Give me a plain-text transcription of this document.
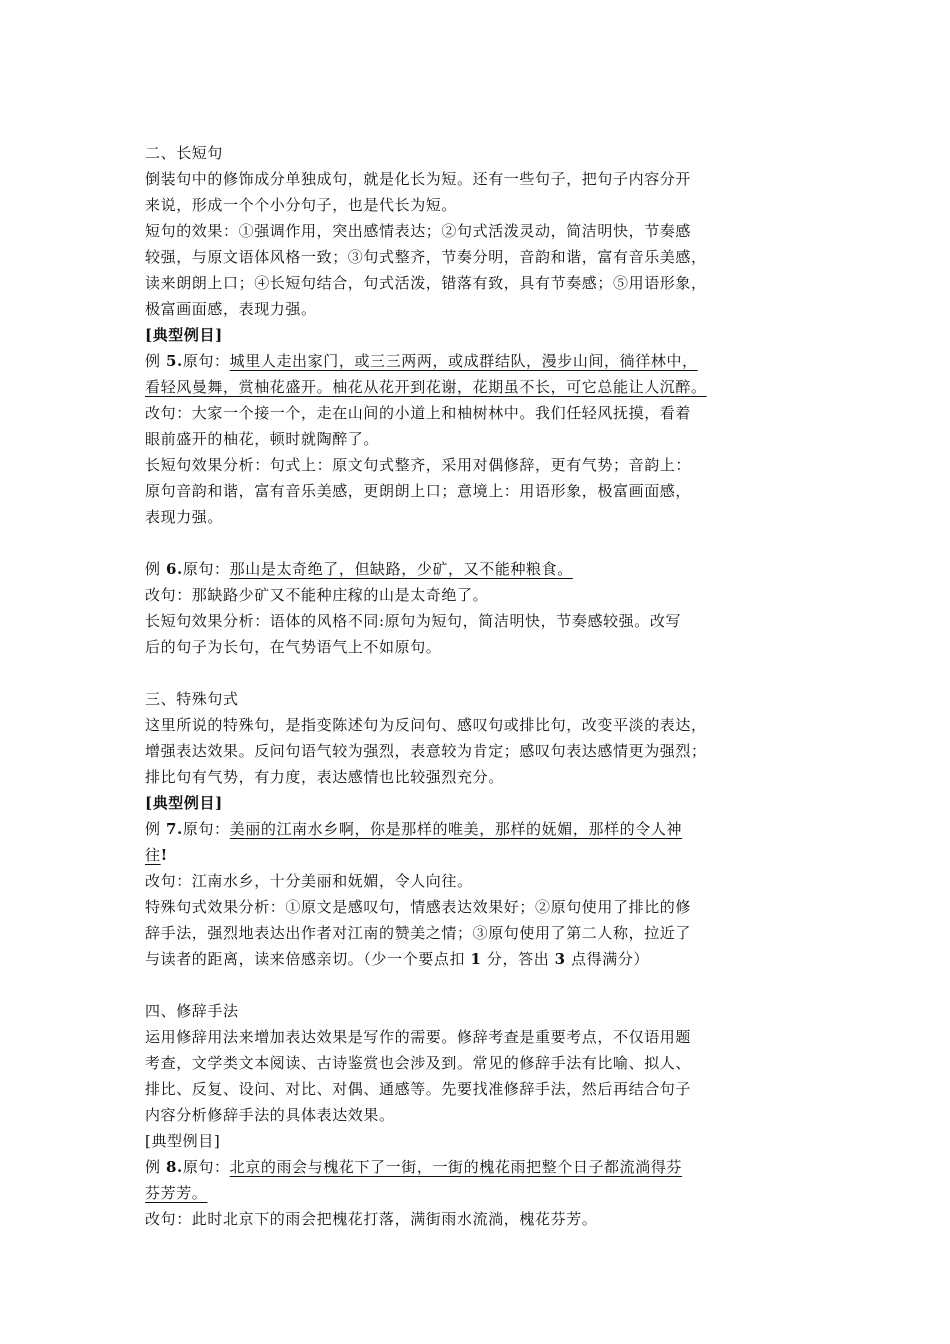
二、长短句
倒装句中的修饰成分单独成句，就是化长为短。还有一些句子，把句子内容分开
来说，形成一个个小分句子，也是代长为短。
短句的效果：①强调作用，突出感情表达；②句式活泼灵动，简洁明快，节奏感
较强，与原文语体风格一致；③句式整齐，节奏分明，音韵和谐，富有音乐美感，
读来朗朗上口；④长短句结合，句式活泼，错落有致，具有节奏感；⑤用语形象，
极富画面感，表现力强。
[典型例目]
例 5.原句：城里人走出家门，或三三两两，或成群结队，漫步山间，徜徉林中，
看轻风曼舞，赏柚花盛开。柚花从花开到花谢，花期虽不长，可它总能让人沉醉。
改句：大家一个接一个，走在山间的小道上和柚树林中。我们任轻风抚摸，看着
眼前盛开的柚花，顿时就陶醉了。
长短句效果分析：句式上：原文句式整齐，采用对偶修辞，更有气势；音韵上：
原句音韵和谐，富有音乐美感，更朗朗上口；意境上：用语形象，极富画面感，
表现力强。
例 6.原句：那山是太奇绝了，但缺路，少矿，又不能种粮食。
改句：那缺路少矿又不能种庄稼的山是太奇绝了。
长短句效果分析：语体的风格不同:原句为短句，简洁明快，节奏感较强。改写
后的句子为长句，在气势语气上不如原句。
三、特殊句式
这里所说的特殊句，是指变陈述句为反问句、感叹句或排比句，改变平淡的表达，
增强表达效果。反问句语气较为强烈，表意较为肯定；感叹句表达感情更为强烈；
排比句有气势，有力度，表达感情也比较强烈充分。
[典型例目]
例 7.原句：美丽的江南水乡啊，你是那样的唯美，那样的妩媚，那样的令人神
往!
改句：江南水乡，十分美丽和妩媚，令人向往。
特殊句式效果分析：①原文是感叹句，情感表达效果好；②原句使用了排比的修
辞手法，强烈地表达出作者对江南的赞美之情；③原句使用了第二人称，拉近了
与读者的距离，读来倍感亲切。（少一个要点扣 1 分，答出 3 点得满分）
四、修辞手法
运用修辞用法来增加表达效果是写作的需要。修辞考查是重要考点，不仅语用题
考查，文学类文本阅读、古诗鉴赏也会涉及到。常见的修辞手法有比喻、拟人、
排比、反复、设问、对比、对偶、通感等。先要找准修辞手法，然后再结合句子
内容分析修辞手法的具体表达效果。
[典型例目]
例 8.原句：北京的雨会与槐花下了一街，一街的槐花雨把整个日子都流淌得芬
芬芳芳。
改句：此时北京下的雨会把槐花打落，满街雨水流淌，槐花芬芳。
